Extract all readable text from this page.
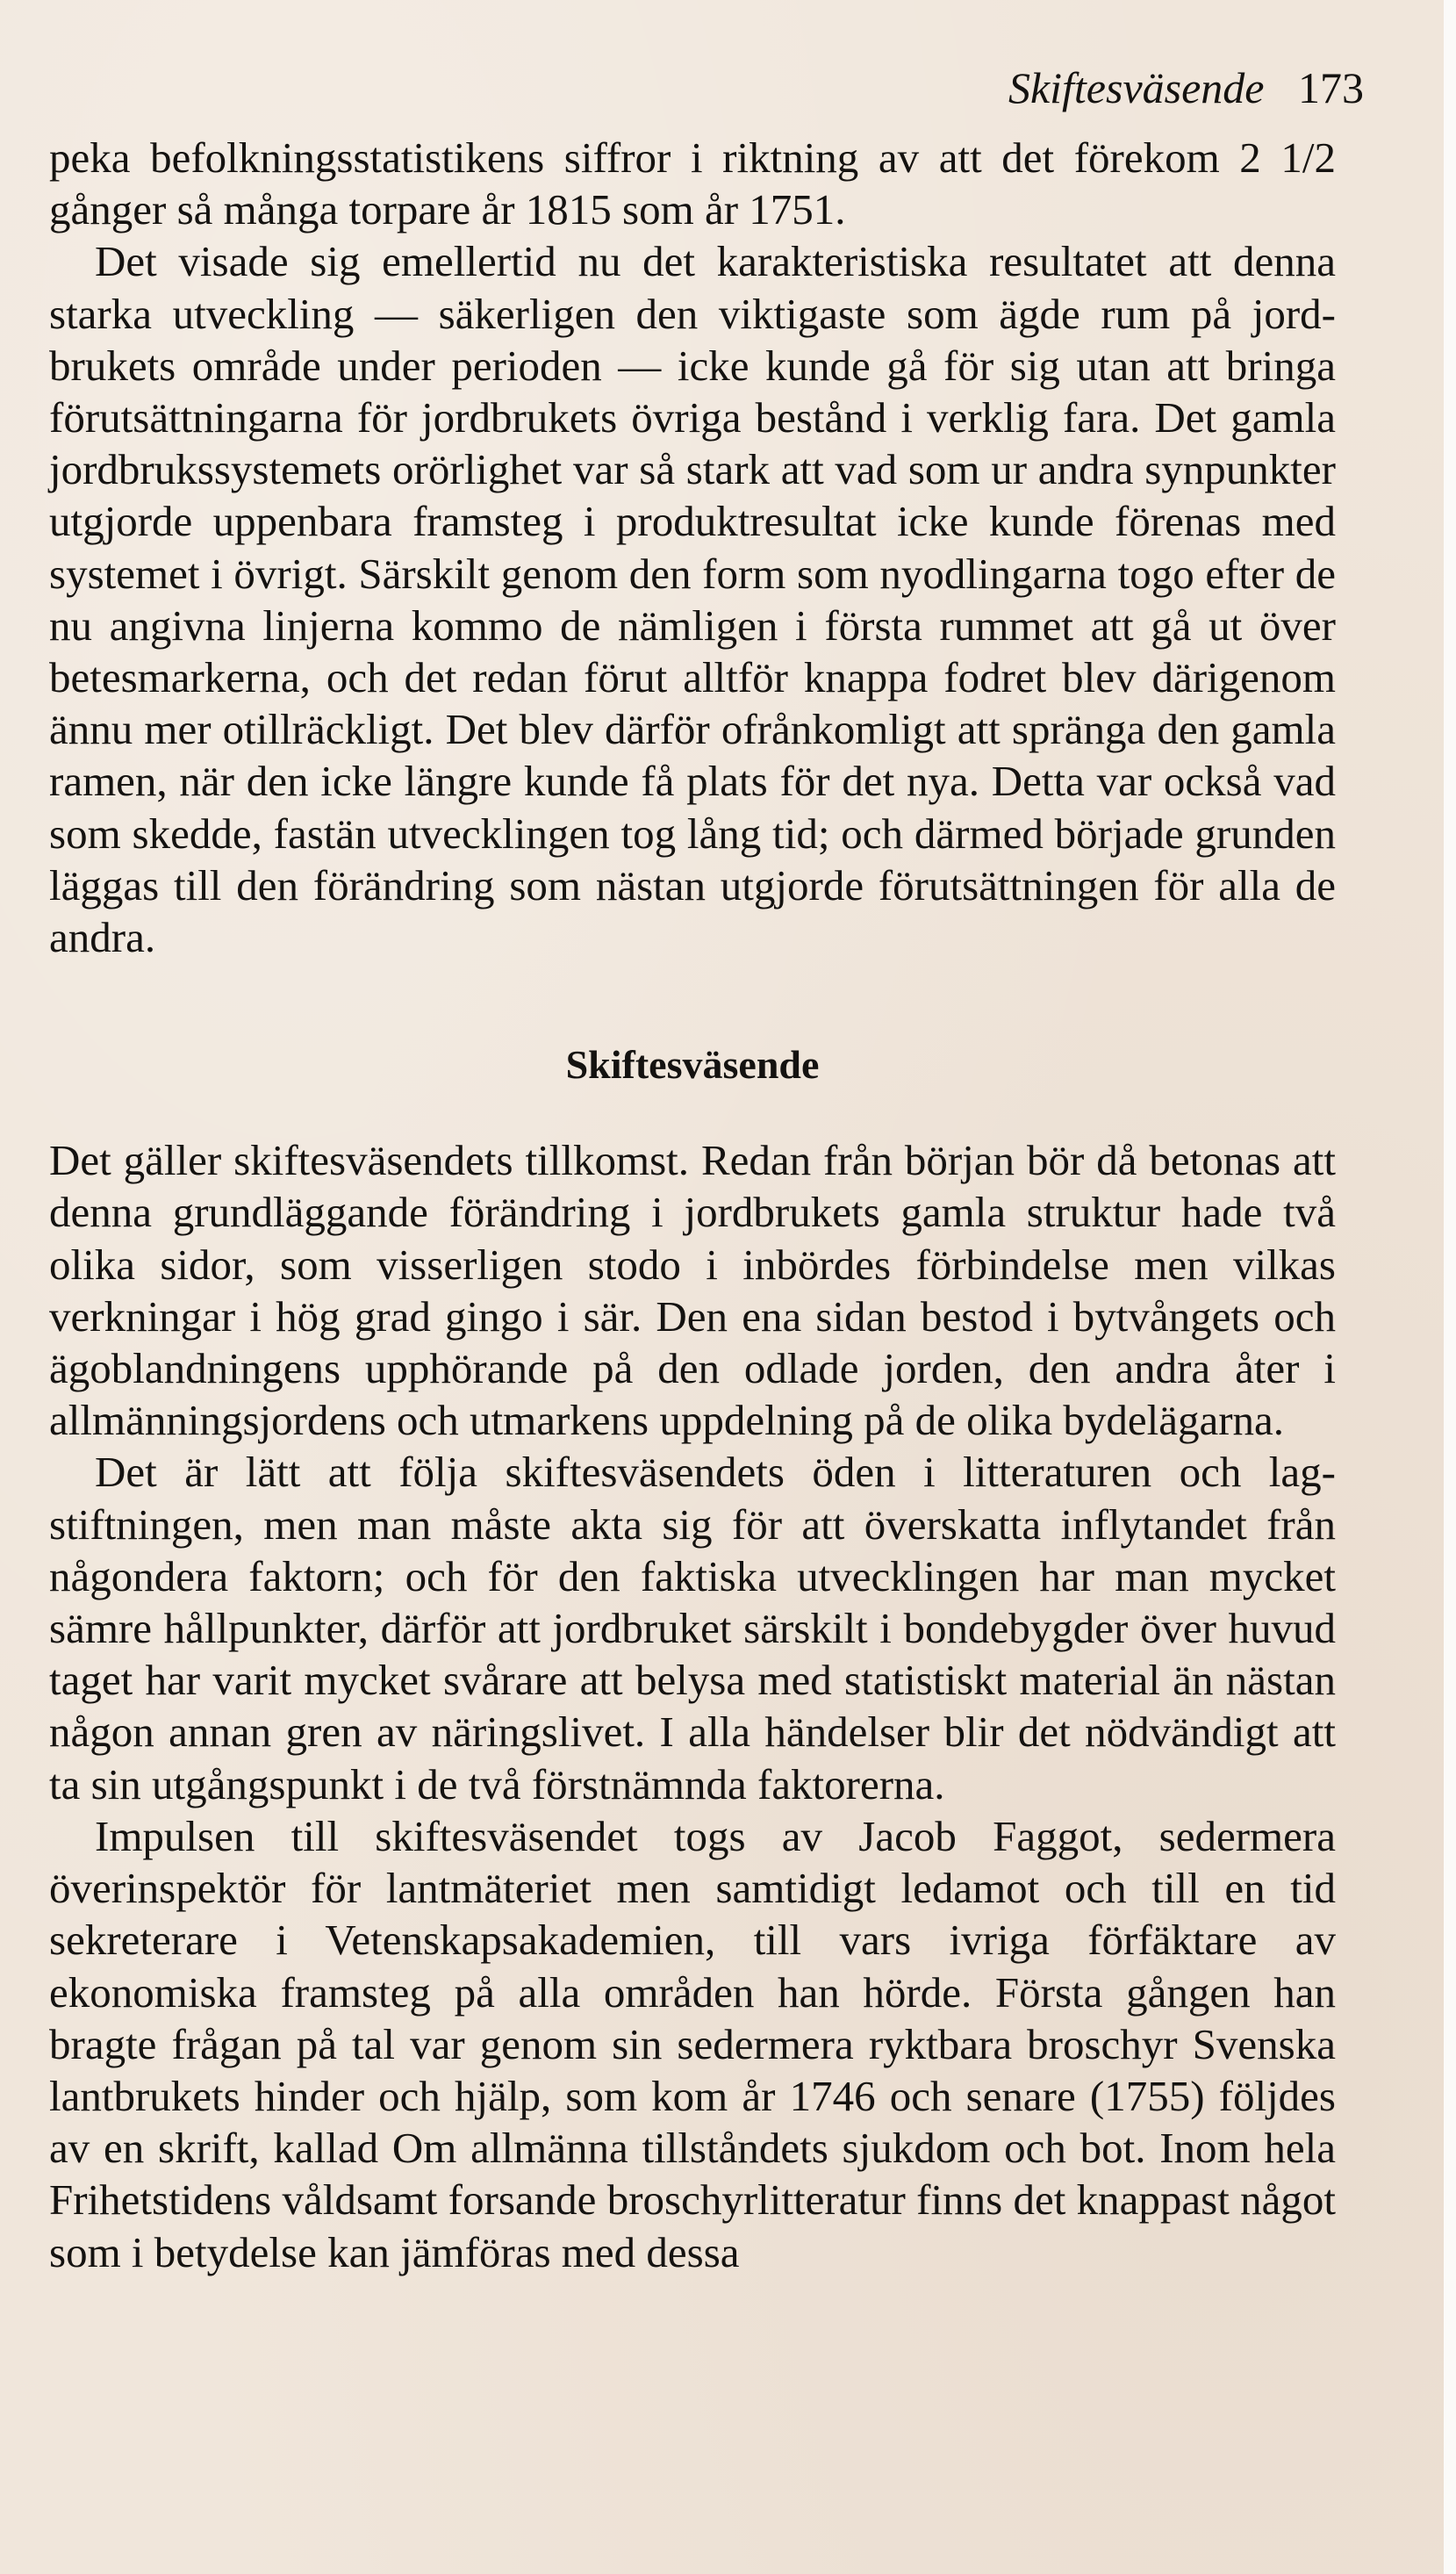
Skiftesväsende 173

peka befolkningsstatistikens siffror i riktning av att det förekom 2 1/2 gånger så många torpare år 1815 som år 1751.

Det visade sig emellertid nu det karakteristiska resultatet att denna starka utveckling — säkerligen den viktigaste som ägde rum på jordbrukets område under perioden — icke kunde gå för sig utan att bringa förutsättningarna för jordbrukets övriga bestånd i verklig fara. Det gamla jordbrukssystemets orörlighet var så stark att vad som ur andra synpunkter utgjorde uppenbara framsteg i produktresultat icke kunde förenas med systemet i övrigt. Särskilt genom den form som nyodlingarna togo efter de nu angivna linjerna kommo de nämligen i första rummet att gå ut över betesmarkerna, och det redan förut alltför knappa fodret blev därigenom ännu mer otillräckligt. Det blev därför ofrånkomligt att spränga den gamla ramen, när den icke längre kunde få plats för det nya. Detta var också vad som skedde, fastän utvecklingen tog lång tid; och därmed började grunden läggas till den förändring som nästan utgjorde förutsättningen för alla de andra.

Skiftesväsende

Det gäller skiftesväsendets tillkomst. Redan från början bör då betonas att denna grundläggande förändring i jordbrukets gamla struktur hade två olika sidor, som visserligen stodo i inbördes förbindelse men vilkas verkningar i hög grad gingo i sär. Den ena sidan bestod i bytvångets och ägoblandningens upphörande på den odlade jorden, den andra åter i allmänningsjordens och utmarkens uppdelning på de olika bydelägarna.

Det är lätt att följa skiftesväsendets öden i litteraturen och lagstiftningen, men man måste akta sig för att överskatta inflytandet från någondera faktorn; och för den faktiska utvecklingen har man mycket sämre hållpunkter, därför att jordbruket särskilt i bondebygder över huvud taget har varit mycket svårare att belysa med statistiskt material än nästan någon annan gren av näringslivet. I alla händelser blir det nödvändigt att ta sin utgångspunkt i de två förstnämnda faktorerna.

Impulsen till skiftesväsendet togs av Jacob Faggot, sedermera överinspektör för lantmäteriet men samtidigt ledamot och till en tid sekreterare i Vetenskapsakademien, till vars ivriga förfäktare av ekonomiska framsteg på alla områden han hörde. Första gången han bragte frågan på tal var genom sin sedermera ryktbara broschyr Svenska lantbrukets hinder och hjälp, som kom år 1746 och senare (1755) följdes av en skrift, kallad Om allmänna tillståndets sjukdom och bot. Inom hela Frihetstidens våldsamt forsande broschyrlitteratur finns det knappast något som i betydelse kan jämföras med dessa
